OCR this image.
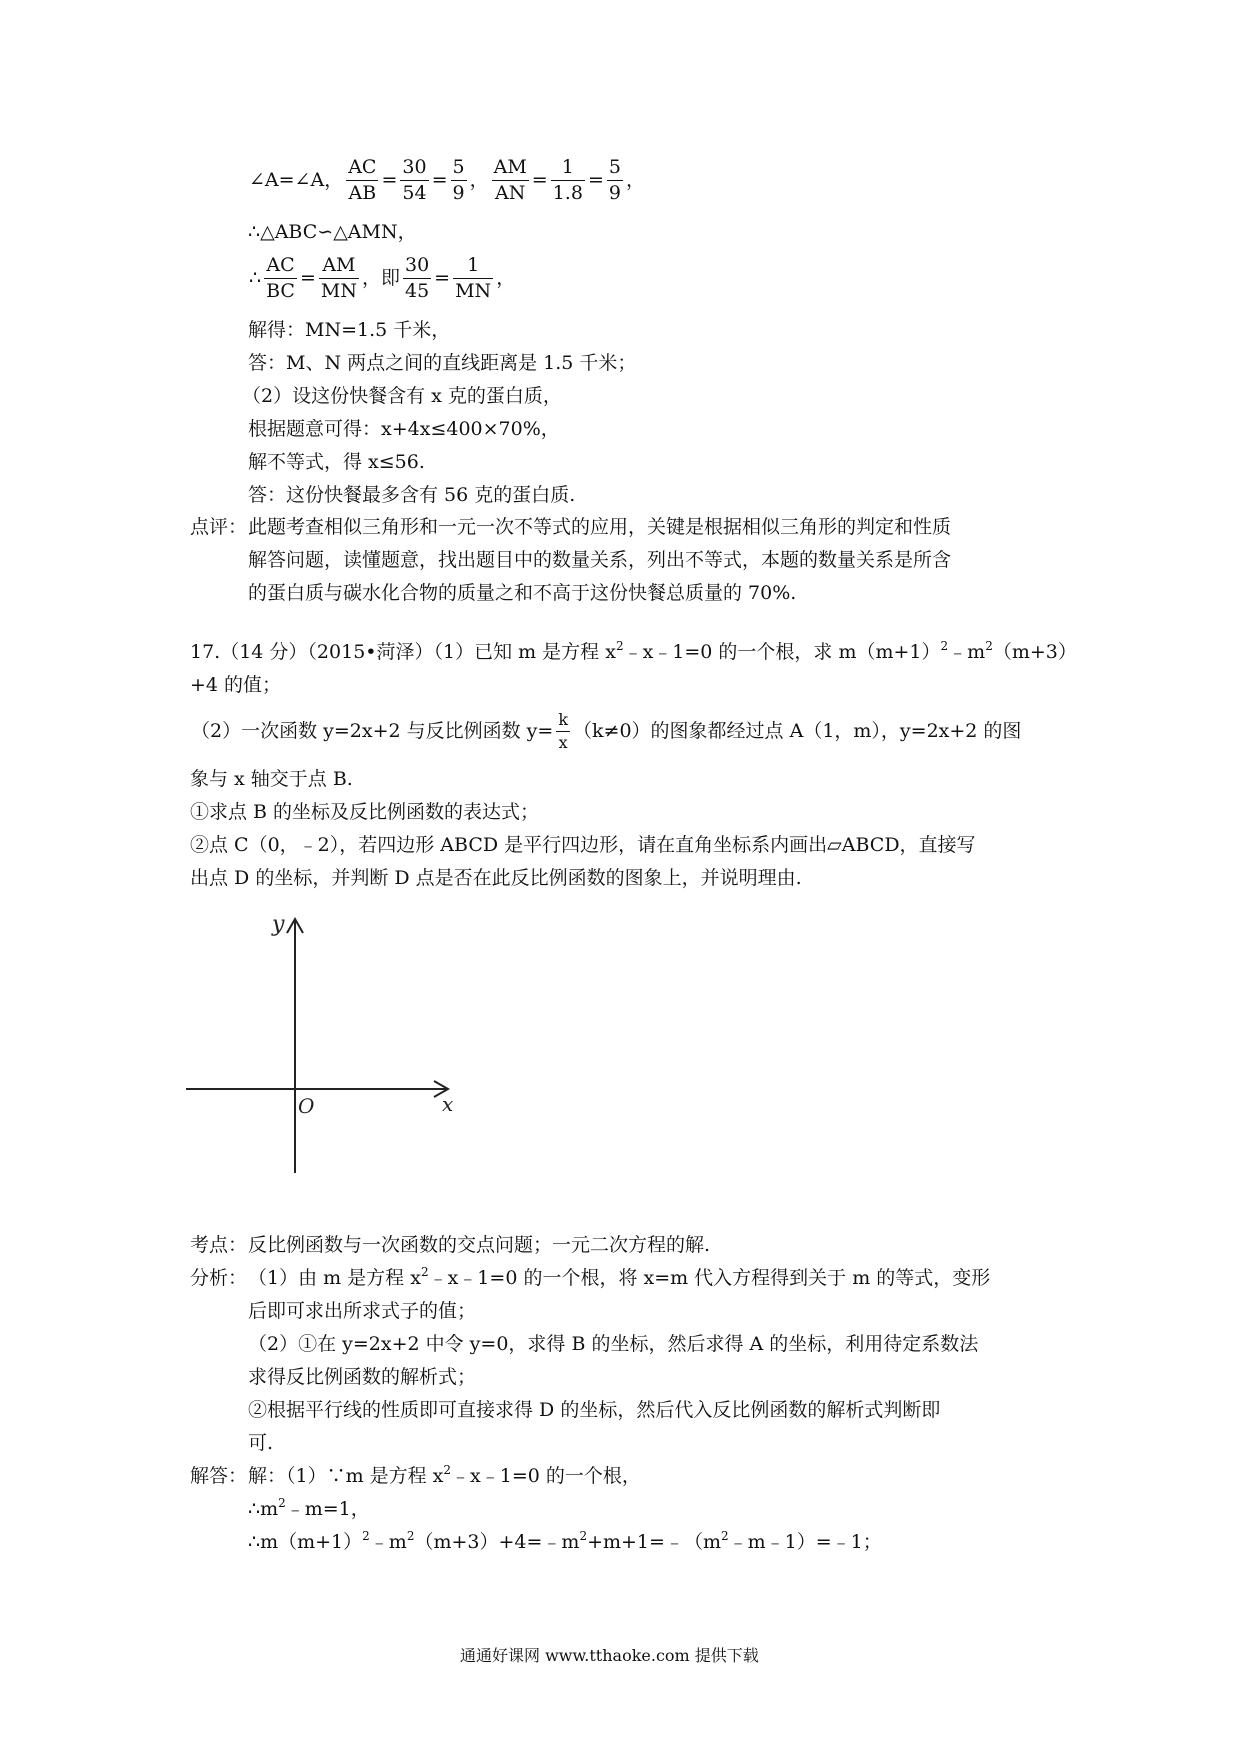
∠A=∠A， $\frac{AC}{AB} = \frac{30}{54} = \frac{5}{9}$ ， $\frac{AM}{AN} = \frac{1}{1.8} = \frac{5}{9}$ ，
∴△ABC∽△AMN，
∴ $\frac{AC}{BC} = \frac{AM}{MN}$ ，即 $\frac{30}{45} = \frac{1}{MN}$ ，
解得：MN=1.5 千米，
答：M、N 两点之间的直线距离是 1.5 千米；
（2）设这份快餐含有 x 克的蛋白质，
根据题意可得：x+4x≤400×70%，
解不等式，得 x≤56.
答：这份快餐最多含有 56 克的蛋白质.
点评： 此题考查相似三角形和一元一次不等式的应用，关键是根据相似三角形的判定和性质
解答问题，读懂题意，找出题目中的数量关系，列出不等式，本题的数量关系是所含
的蛋白质与碳水化合物的质量之和不高于这份快餐总质量的 70%.
17.（14 分）（2015•菏泽）（1）已知 m 是方程 $x^2﹣x﹣1=0$ 的一个根，求 $m(m+1)^2﹣m^2(m+3)$
+4 的值；
（2）一次函数 y=2x+2 与反比例函数 $y= \frac{k}{x} (k\ne 0)$的图象都经过点 A（1，m），y=2x+2 的图
象与 x 轴交于点 B.
①求点 B 的坐标及反比例函数的表达式；
②点 C（0，﹣2），若四边形 ABCD 是平行四边形，请在直角坐标系内画出▱ABCD，直接写
出点 D 的坐标，并判断 D 点是否在此反比例函数的图象上，并说明理由.
y
x
O
考点： 反比例函数与一次函数的交点问题；一元二次方程的解.
分析： （1）由 m 是方程 $x^2﹣x﹣1=0$ 的一个根，将 x=m 代入方程得到关于 m 的等式，变形
后即可求出所求式子的值；
（2）①在 y=2x+2 中令 y=0，求得 B 的坐标，然后求得 A 的坐标，利用待定系数法
求得反比例函数的解析式；
②根据平行线的性质即可直接求得 D 的坐标，然后代入反比例函数的解析式判断即
可.
解答： 解：（1）∵m 是方程 $x^2﹣x﹣1=0$ 的一个根，
$\therefore m^2﹣m=1$，
$\therefore m(m+1)^2﹣m^2(m+3)+4=﹣m^2+m+1=﹣(m^2﹣m﹣1)=﹣1$；
通通好课网 www.tthaoke.com 提供下载
